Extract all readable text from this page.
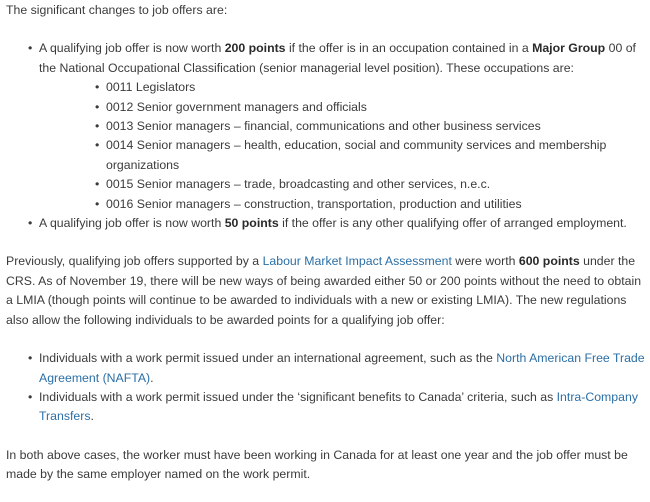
The significant changes to job offers are:

• A qualifying job offer is now worth 200 points if the offer is in an occupation contained in a Major Group 00 of the National Occupational Classification (senior managerial level position). These occupations are:
• 0011 Legislators
• 0012 Senior government managers and officials
• 0013 Senior managers – financial, communications and other business services
• 0014 Senior managers – health, education, social and community services and membership organizations
• 0015 Senior managers – trade, broadcasting and other services, n.e.c.
• 0016 Senior managers – construction, transportation, production and utilities
• A qualifying job offer is now worth 50 points if the offer is any other qualifying offer of arranged employment.

Previously, qualifying job offers supported by a Labour Market Impact Assessment were worth 600 points under the CRS. As of November 19, there will be new ways of being awarded either 50 or 200 points without the need to obtain a LMIA (though points will continue to be awarded to individuals with a new or existing LMIA). The new regulations also allow the following individuals to be awarded points for a qualifying job offer:

• Individuals with a work permit issued under an international agreement, such as the North American Free Trade Agreement (NAFTA).
• Individuals with a work permit issued under the ‘significant benefits to Canada’ criteria, such as Intra-Company Transfers.

In both above cases, the worker must have been working in Canada for at least one year and the job offer must be made by the same employer named on the work permit.
